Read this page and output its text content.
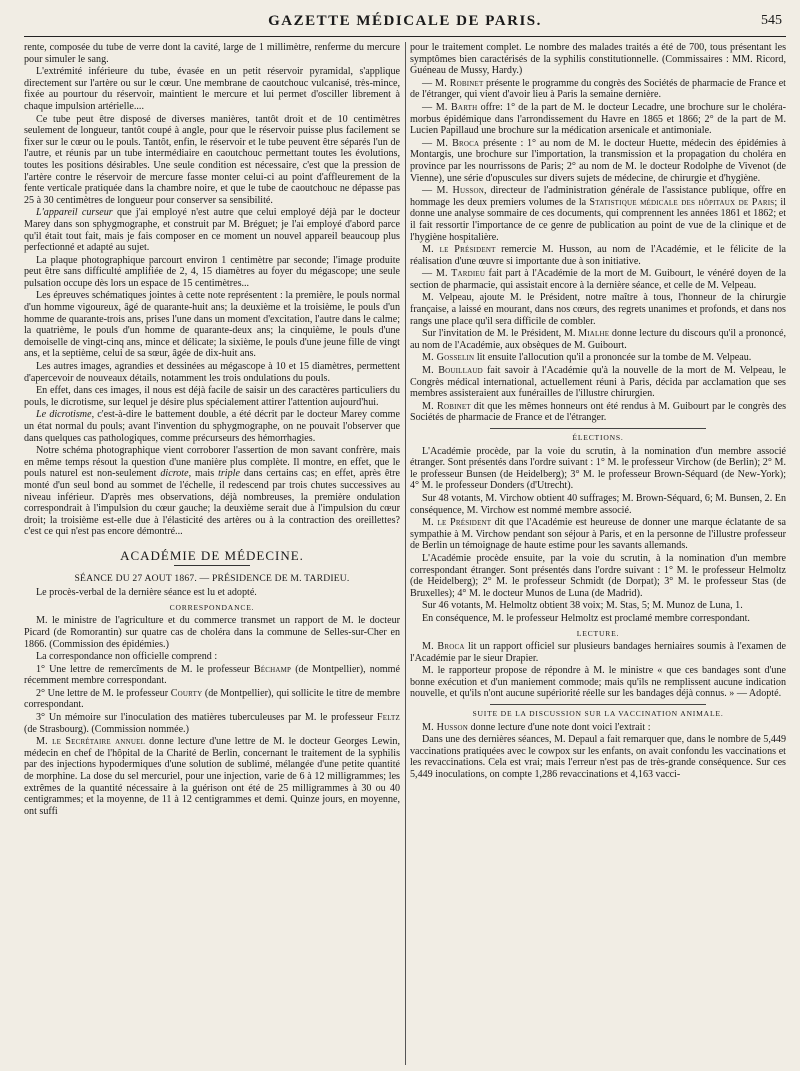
GAZETTE MÉDICALE DE PARIS.	545

rente, composée du tube de verre dont la cavité, large de 1 millimètre, renferme du mercure pour simuler le sang.

L'extrémité inférieure du tube, évasée en un petit réservoir pyramidal, s'applique directement sur l'artère ou sur le cœur. Une membrane de caoutchouc vulcanisé, très-mince, fixée au pourtour du réservoir, maintient le mercure et lui permet d'osciller librement à chaque impulsion artérielle....

Ce tube peut être disposé de diverses manières, tantôt droit et de 10 centimètres seulement de longueur, tantôt coupé à angle, pour que le réservoir puisse plus facilement se fixer sur le cœur ou le pouls. Tantôt, enfin, le réservoir et le tube peuvent être séparés l'un de l'autre, et réunis par un tube intermédiaire en caoutchouc permettant toutes les évolutions, toutes les positions désirables. Une seule condition est nécessaire, c'est que la pression de l'artère contre le réservoir de mercure fasse monter celui-ci au point d'affleurement de la fente verticale pratiquée dans la chambre noire, et que le tube de caoutchouc ne dépasse pas 25 à 30 centimètres de longueur pour conserver sa sensibilité.

L'appareil curseur que j'ai employé n'est autre que celui employé déjà par le docteur Marey dans son sphygmographe, et construit par M. Bréguet; je l'ai employé d'abord parce qu'il était tout fait, mais je fais composer en ce moment un nouvel appareil beaucoup plus perfectionné et adapté au sujet.

La plaque photographique parcourt environ 1 centimètre par seconde; l'image produite peut être sans difficulté amplifiée de 2, 4, 15 diamètres au foyer du mégascope; une seule pulsation occupe dès lors un espace de 15 centimètres...

Les épreuves schématiques jointes à cette note représentent : la première, le pouls normal d'un homme vigoureux, âgé de quarante-huit ans; la deuxième et la troisième, le pouls d'un homme de quarante-trois ans, prises l'une dans un moment d'excitation, l'autre dans le calme; la quatrième, le pouls d'un homme de quarante-deux ans; la cinquième, le pouls d'une demoiselle de vingt-cinq ans, mince et délicate; la sixième, le pouls d'une jeune fille de vingt ans, et la septième, celui de sa sœur, âgée de dix-huit ans.

Les autres images, agrandies et dessinées au mégascope à 10 et 15 diamètres, permettent d'apercevoir de nouveaux détails, notamment les trois ondulations du pouls.

En effet, dans ces images, il nous est déjà facile de saisir un des caractères particuliers du pouls, le dicrotisme, sur lequel je désire plus spécialement attirer l'attention aujourd'hui.

Le dicrotisme, c'est-à-dire le battement double, a été décrit par le docteur Marey comme un état normal du pouls; avant l'invention du sphygmographe, on ne pouvait l'observer que dans quelques cas pathologiques, comme précurseurs des hémorrhagies.

Notre schéma photographique vient corroborer l'assertion de mon savant confrère, mais en même temps résout la question d'une manière plus complète. Il montre, en effet, que le pouls naturel est non-seulement dicrote, mais triple dans certains cas; en effet, après être monté d'un seul bond au sommet de l'échelle, il redescend par trois chutes successives au niveau inférieur. D'après mes observations, déjà nombreuses, la première ondulation correspondrait à l'impulsion du cœur gauche; la deuxième serait due à l'impulsion du cœur droit; la troisième est-elle due à l'élasticité des artères ou à la contraction des oreillettes? c'est ce qui n'est pas encore démontré...

ACADÉMIE DE MÉDECINE.
SÉANCE DU 27 AOUT 1867. — PRÉSIDENCE DE M. TARDIEU.

Le procès-verbal de la dernière séance est lu et adopté.

CORRESPONDANCE.

M. le ministre de l'agriculture et du commerce transmet un rapport de M. le docteur Picard (de Romorantin) sur quatre cas de choléra dans la commune de Selles-sur-Cher en 1866. (Commission des épidémies.)

La correspondance non officielle comprend :

1° Une lettre de remercîments de M. le professeur Béchamp (de Montpellier), nommé récemment membre correspondant.

2° Une lettre de M. le professeur Courty (de Montpellier), qui sollicite le titre de membre correspondant.

3° Un mémoire sur l'inoculation des matières tuberculeuses par M. le professeur Feltz (de Strasbourg). (Commission nommée.)

M. le Secrétaire annuel donne lecture d'une lettre de M. le docteur Georges Lewin, médecin en chef de l'hôpital de la Charité de Berlin, concernant le traitement de la syphilis par des injections hypodermiques d'une solution de sublimé, mélangée d'une petite quantité de morphine. La dose du sel mercuriel, pour une injection, varie de 6 à 12 milligrammes; les extrêmes de la quantité nécessaire à la guérison ont été de 25 milligrammes à 30 ou 40 centigrammes; et la moyenne, de 11 à 12 centigrammes et demi. Quinze jours, en moyenne, ont suffi

pour le traitement complet. Le nombre des malades traités a été de 700, tous présentant les symptômes bien caractérisés de la syphilis constitutionnelle. (Commissaires : MM. Ricord, Guéneau de Mussy, Hardy.)

— M. Robinet présente le programme du congrès des Sociétés de pharmacie de France et de l'étranger, qui vient d'avoir lieu à Paris la semaine dernière.

— M. Barth offre: 1° de la part de M. le docteur Lecadre, une brochure sur le choléra-morbus épidémique dans l'arrondissement du Havre en 1865 et 1866; 2° de la part de M. Lucien Papillaud une brochure sur la médication arsenicale et antimoniale.

— M. Broca présente : 1° au nom de M. le docteur Huette, médecin des épidémies à Montargis, une brochure sur l'importation, la transmission et la propagation du choléra en province par les nourrissons de Paris; 2° au nom de M. le docteur Rodolphe de Vivenot (de Vienne), une série d'opuscules sur divers sujets de médecine, de chirurgie et d'hygiène.

— M. Husson, directeur de l'administration générale de l'assistance publique, offre en hommage les deux premiers volumes de la Statistique médicale des hôpitaux de Paris; il donne une analyse sommaire de ces documents, qui comprennent les années 1861 et 1862; et il fait ressortir l'importance de ce genre de publication au point de vue de la clinique et de l'hygiène hospitalière.

M. le Président remercie M. Husson, au nom de l'Académie, et le félicite de la réalisation d'une œuvre si importante due à son initiative.

— M. Tardieu fait part à l'Académie de la mort de M. Guibourt, le vénéré doyen de la section de pharmacie, qui assistait encore à la dernière séance, et celle de M. Velpeau.

M. Velpeau, ajoute M. le Président, notre maître à tous, l'honneur de la chirurgie française, a laissé en mourant, dans nos cœurs, des regrets unanimes et profonds, et dans nos rangs une place qu'il sera difficile de combler.

Sur l'invitation de M. le Président, M. Mialhe donne lecture du discours qu'il a prononcé, au nom de l'Académie, aux obsèques de M. Guibourt.

M. Gosselin lit ensuite l'allocution qu'il a prononcée sur la tombe de M. Velpeau.

M. Bouillaud fait savoir à l'Académie qu'à la nouvelle de la mort de M. Velpeau, le Congrès médical international, actuellement réuni à Paris, décida par acclamation que ses membres assisteraient aux funérailles de l'illustre chirurgien.

M. Robinet dit que les mêmes honneurs ont été rendus à M. Guibourt par le congrès des Sociétés de pharmacie de France et de l'étranger.

ÉLECTIONS.

L'Académie procède, par la voie du scrutin, à la nomination d'un membre associé étranger. Sont présentés dans l'ordre suivant : 1° M. le professeur Virchow (de Berlin); 2° M. le professeur Bunsen (de Heidelberg); 3° M. le professeur Brown-Séquard (de New-York); 4° M. le professeur Donders (d'Utrecht).

Sur 48 votants, M. Virchow obtient 40 suffrages; M. Brown-Séquard, 6; M. Bunsen, 2. En conséquence, M. Virchow est nommé membre associé.

M. le Président dit que l'Académie est heureuse de donner une marque éclatante de sa sympathie à M. Virchow pendant son séjour à Paris, et en la personne de l'illustre professeur de Berlin un témoignage de haute estime pour les savants allemands.

L'Académie procède ensuite, par la voie du scrutin, à la nomination d'un membre correspondant étranger. Sont présentés dans l'ordre suivant : 1° M. le professeur Helmoltz (de Heidelberg); 2° M. le professeur Schmidt (de Dorpat); 3° M. le professeur Stas (de Bruxelles); 4° M. le docteur Munos de Luna (de Madrid).

Sur 46 votants, M. Helmoltz obtient 38 voix; M. Stas, 5; M. Munoz de Luna, 1.

En conséquence, M. le professeur Helmoltz est proclamé membre correspondant.

LECTURE.

M. Broca lit un rapport officiel sur plusieurs bandages herniaires soumis à l'examen de l'Académie par le sieur Drapier.

M. le rapporteur propose de répondre à M. le ministre « que ces bandages sont d'une bonne exécution et d'un maniement commode; mais qu'ils ne remplissent aucune indication nouvelle, et qu'ils n'ont aucune supériorité réelle sur les bandages déjà connus. » — Adopté.

SUITE DE LA DISCUSSION SUR LA VACCINATION ANIMALE.

M. Husson donne lecture d'une note dont voici l'extrait :

Dans une des dernières séances, M. Depaul a fait remarquer que, dans le nombre de 5,449 vaccinations pratiquées avec le cowpox sur les enfants, on avait confondu les vaccinations et les revaccinations. Cela est vrai; mais l'erreur n'est pas de très-grande conséquence. Sur ces 5,449 inoculations, on compte 1,286 revaccinations et 4,163 vacci-
